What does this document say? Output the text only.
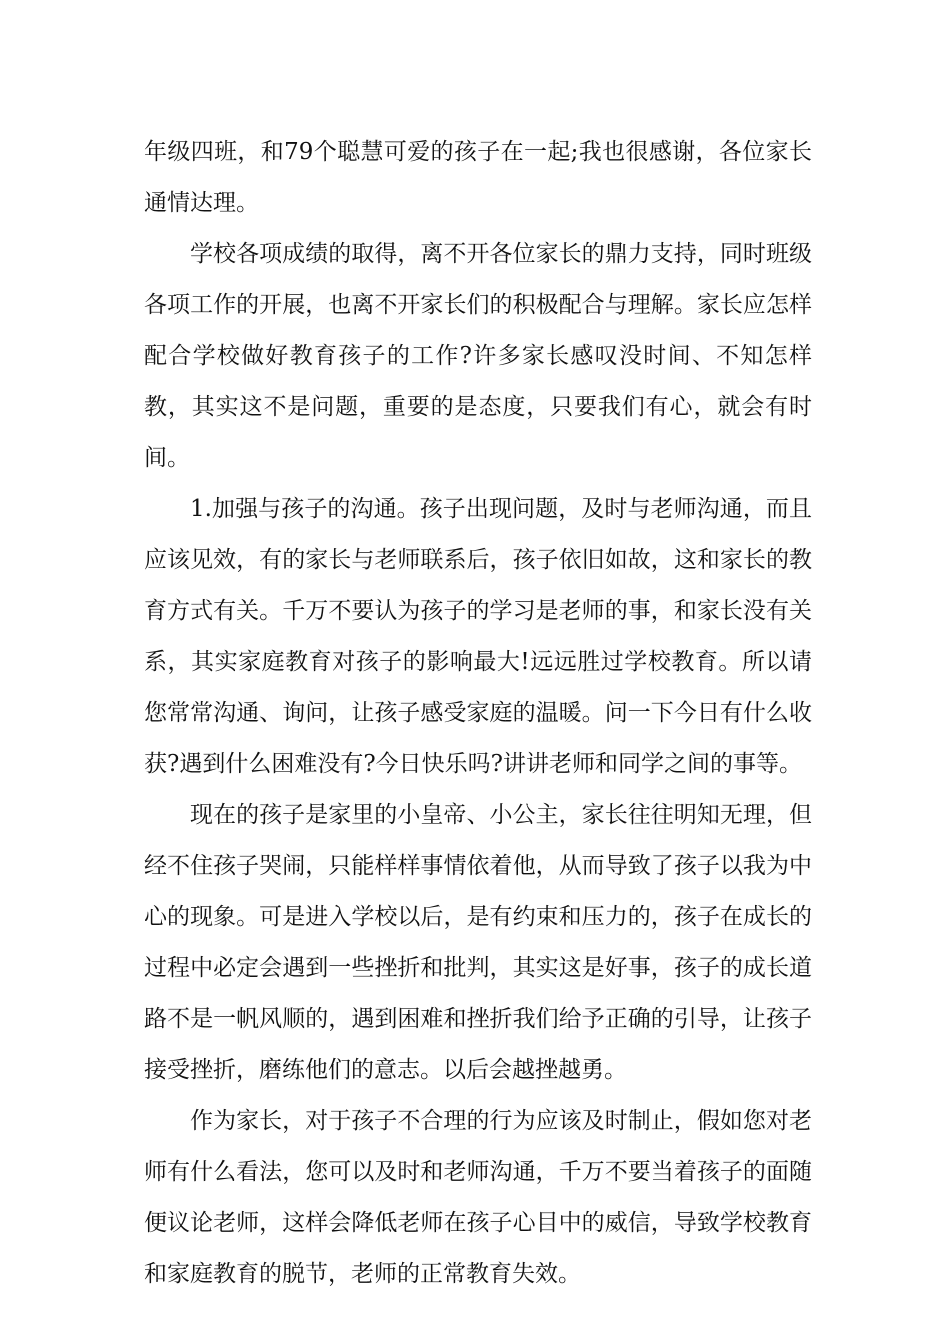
年级四班，和79个聪慧可爱的孩子在一起;我也很感谢，各位家长通情达理。

学校各项成绩的取得，离不开各位家长的鼎力支持，同时班级各项工作的开展，也离不开家长们的积极配合与理解。家长应怎样配合学校做好教育孩子的工作?许多家长感叹没时间、不知怎样教，其实这不是问题，重要的是态度，只要我们有心，就会有时间。

1.加强与孩子的沟通。孩子出现问题，及时与老师沟通，而且应该见效，有的家长与老师联系后，孩子依旧如故，这和家长的教育方式有关。千万不要认为孩子的学习是老师的事，和家长没有关系，其实家庭教育对孩子的影响最大!远远胜过学校教育。所以请您常常沟通、询问，让孩子感受家庭的温暖。问一下今日有什么收获?遇到什么困难没有?今日快乐吗?讲讲老师和同学之间的事等。

现在的孩子是家里的小皇帝、小公主，家长往往明知无理，但经不住孩子哭闹，只能样样事情依着他，从而导致了孩子以我为中心的现象。可是进入学校以后，是有约束和压力的，孩子在成长的过程中必定会遇到一些挫折和批判，其实这是好事，孩子的成长道路不是一帆风顺的，遇到困难和挫折我们给予正确的引导，让孩子接受挫折，磨练他们的意志。以后会越挫越勇。

作为家长，对于孩子不合理的行为应该及时制止，假如您对老师有什么看法，您可以及时和老师沟通，千万不要当着孩子的面随便议论老师，这样会降低老师在孩子心目中的威信，导致学校教育和家庭教育的脱节，老师的正常教育失效。
